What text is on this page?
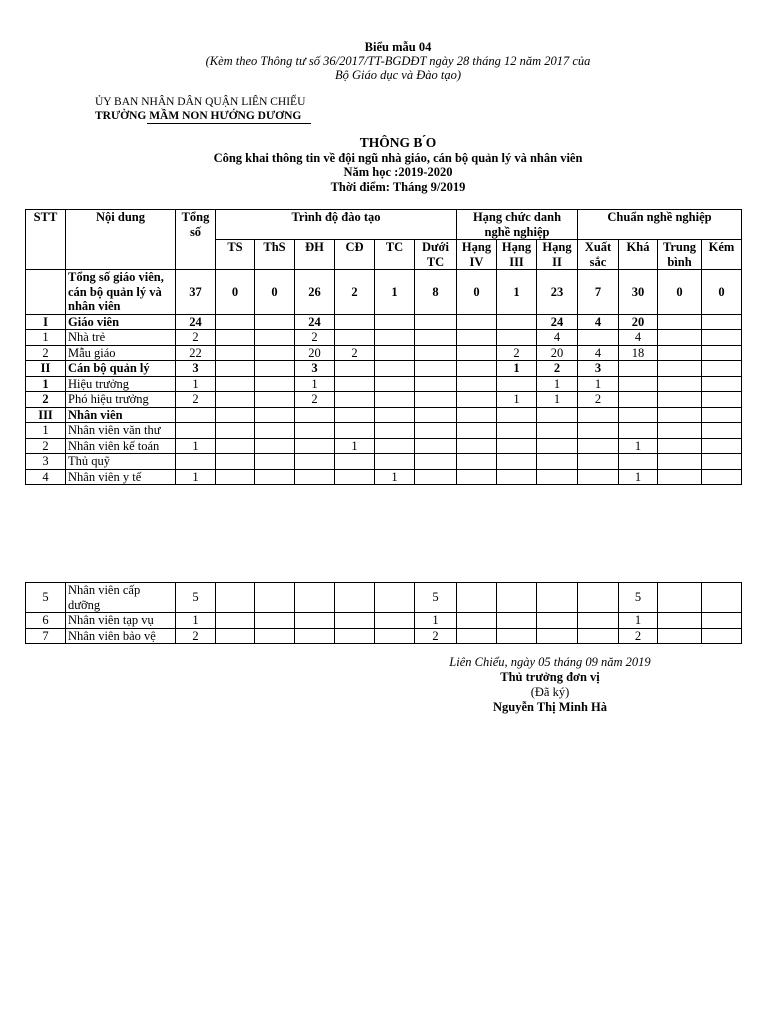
Biểu mẫu 04
(Kèm theo Thông tư số 36/2017/TT-BGDĐT ngày 28 tháng 12 năm 2017 của
Bộ Giáo dục và Đào tạo)
ỦY BAN NHÂN DÂN QUẬN LIÊN CHIỂU
TRƯỜNG MẦM NON HƯỚNG DƯƠNG
THÔNG B ́O
Công khai thông tin về đội ngũ nhà giáo, cán bộ quản lý và nhân viên
Năm học :2019-2020
Thời điểm: Tháng 9/2019
STT	Nội dung	Tổng số	Trình độ đào tạo						Hạng chức danh nghề nghiệp			Chuẩn nghề nghiệp			
			TS	ThS	ĐH	CĐ	TC	Dưới TC	Hạng IV	Hạng III	Hạng II	Xuất sắc	Khá	Trung bình	Kém
	Tổng số giáo viên, cán bộ quản lý và nhân viên	37	0	0	26	2	1	8	0	1	23	7	30	0	0
I	Giáo viên	24			24						24	4	20		
1	Nhà trẻ	2			2						4		4		
2	Mẫu giáo	22			20	2				2	20	4	18		
II	Cán bộ quản lý	3			3					1	2	3			
1	Hiệu trưởng	1			1						1	1			
2	Phó hiệu trưởng	2			2					1	1	2			
III	Nhân viên														
1	Nhân viên văn thư														
2	Nhân viên kế toán	1				1							1		
3	Thủ quỹ														
4	Nhân viên y tế	1					1						1		
5	Nhân viên cấp dưỡng	5						5					5		
6	Nhân viên tạp vụ	1						1					1		
7	Nhân viên bảo vệ	2						2					2		
Liên Chiểu, ngày 05 tháng 09 năm 2019
Thủ trưởng đơn vị
(Đã ký)
Nguyễn Thị Minh Hà
